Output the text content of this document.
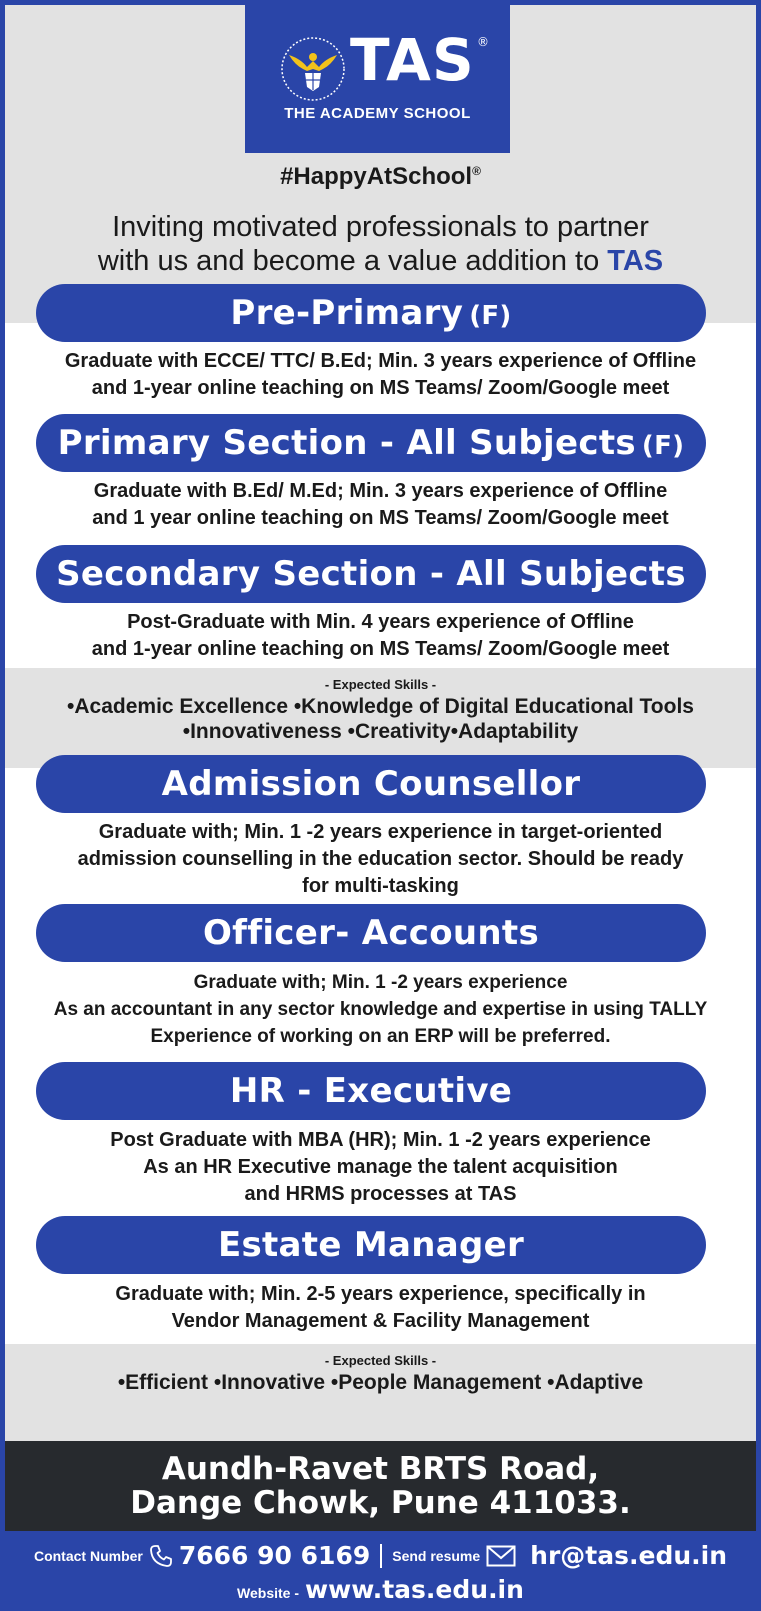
TAS ®
THE ACADEMY SCHOOL
#HappyAtSchool®
Inviting motivated professionals to partner
with us and become a value addition to TAS
Pre-Primary (F)
Graduate with ECCE/ TTC/ B.Ed; Min. 3 years experience of Offline
and 1-year online teaching on MS Teams/ Zoom/Google meet
Primary Section - All Subjects (F)
Graduate with B.Ed/ M.Ed; Min. 3 years experience of Offline
and 1 year online teaching on MS Teams/ Zoom/Google meet
Secondary Section - All Subjects
Post-Graduate with Min. 4 years experience of Offline
and 1-year online teaching on MS Teams/ Zoom/Google meet
- Expected Skills -
•Academic Excellence •Knowledge of Digital Educational Tools
•Innovativeness •Creativity•Adaptability
Admission Counsellor
Graduate with; Min. 1 -2 years experience in target-oriented
admission counselling in the education sector. Should be ready
for multi-tasking
Officer- Accounts
Graduate with; Min. 1 -2 years experience
As an accountant in any sector knowledge and expertise in using TALLY
Experience of working on an ERP will be preferred.
HR - Executive
Post Graduate with MBA (HR); Min. 1 -2 years experience
As an HR Executive manage the talent acquisition
and HRMS processes at TAS
Estate Manager
Graduate with; Min. 2-5 years experience, specifically in
Vendor Management & Facility Management
- Expected Skills -
•Efficient •Innovative •People Management •Adaptive
Aundh-Ravet BRTS Road,
Dange Chowk, Pune 411033.
Contact Number 7666 90 6169 Send resume hr@tas.edu.in
Website - www.tas.edu.in
